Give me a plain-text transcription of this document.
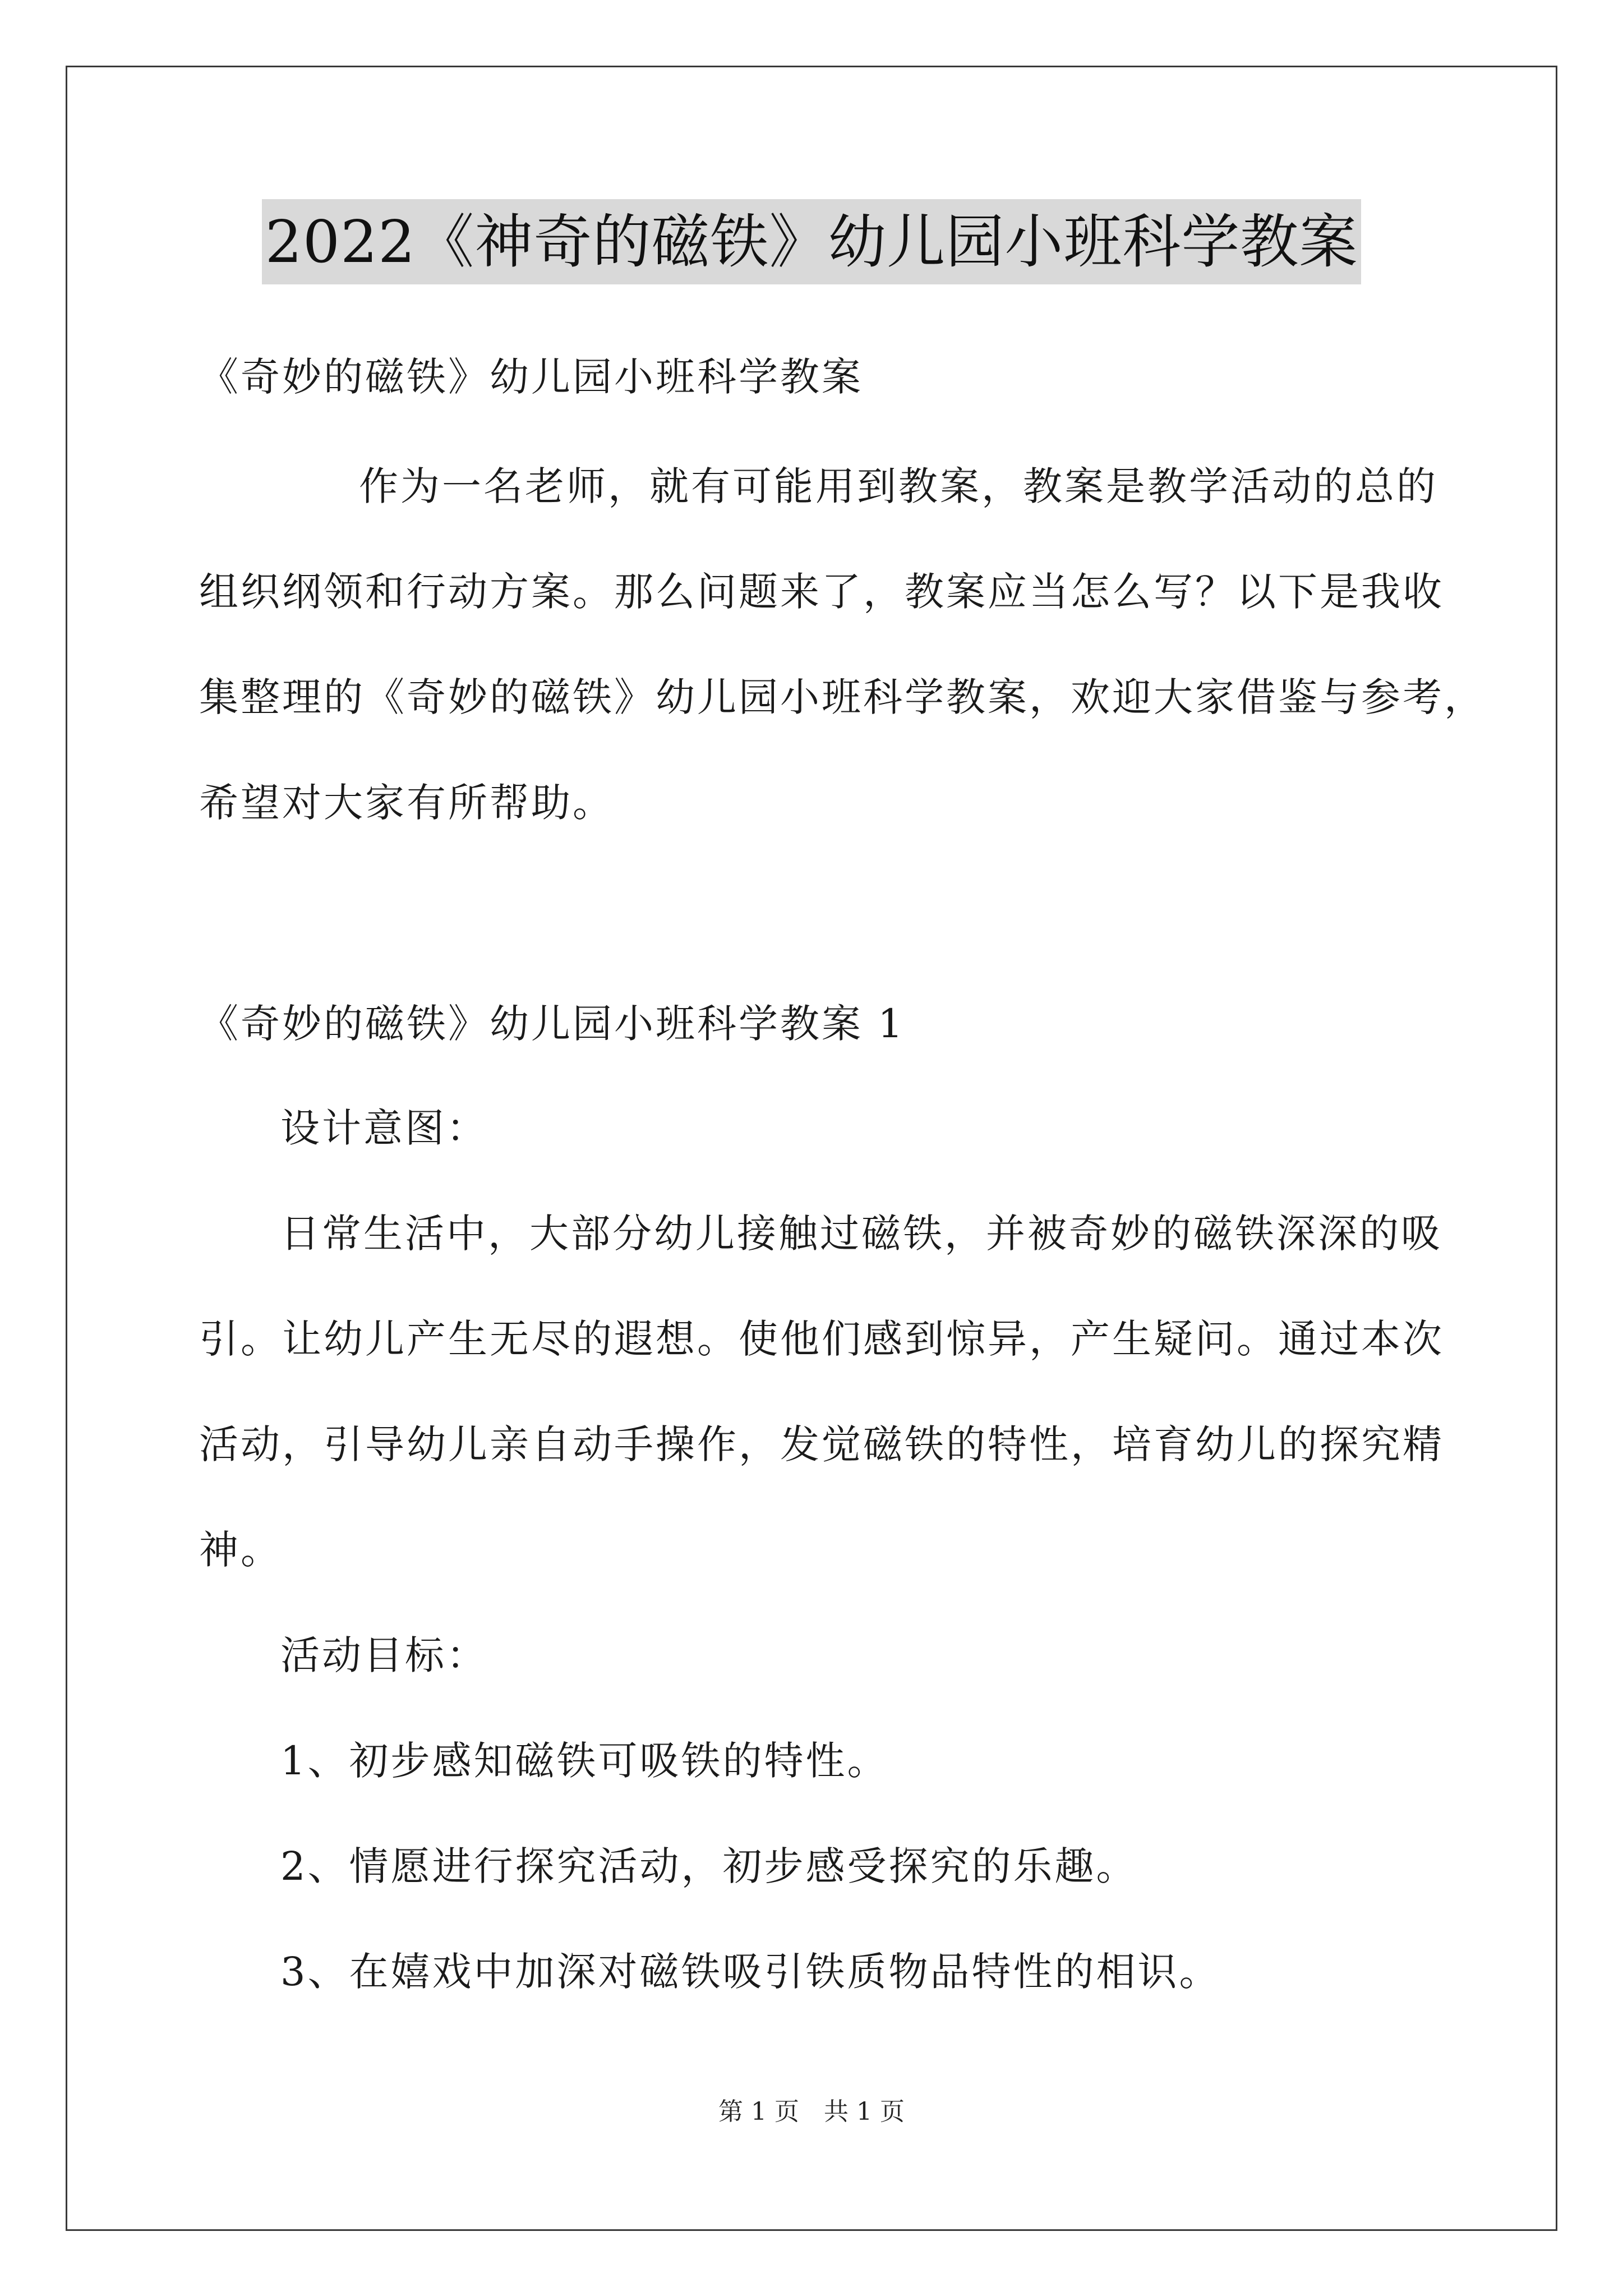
2022《神奇的磁铁》幼儿园小班科学教案
《奇妙的磁铁》幼儿园小班科学教案
作为一名老师，就有可能用到教案，教案是教学活动的总的
组织纲领和行动方案。那么问题来了，教案应当怎么写？以下是我收
集整理的《奇妙的磁铁》幼儿园小班科学教案，欢迎大家借鉴与参考，
希望对大家有所帮助。
《奇妙的磁铁》幼儿园小班科学教案 1
设计意图：
日常生活中，大部分幼儿接触过磁铁，并被奇妙的磁铁深深的吸
引。让幼儿产生无尽的遐想。使他们感到惊异，产生疑问。通过本次
活动，引导幼儿亲自动手操作，发觉磁铁的特性，培育幼儿的探究精
神。
活动目标：
1、初步感知磁铁可吸铁的特性。
2、情愿进行探究活动，初步感受探究的乐趣。
3、在嬉戏中加深对磁铁吸引铁质物品特性的相识。
第 1 页　共 1 页
